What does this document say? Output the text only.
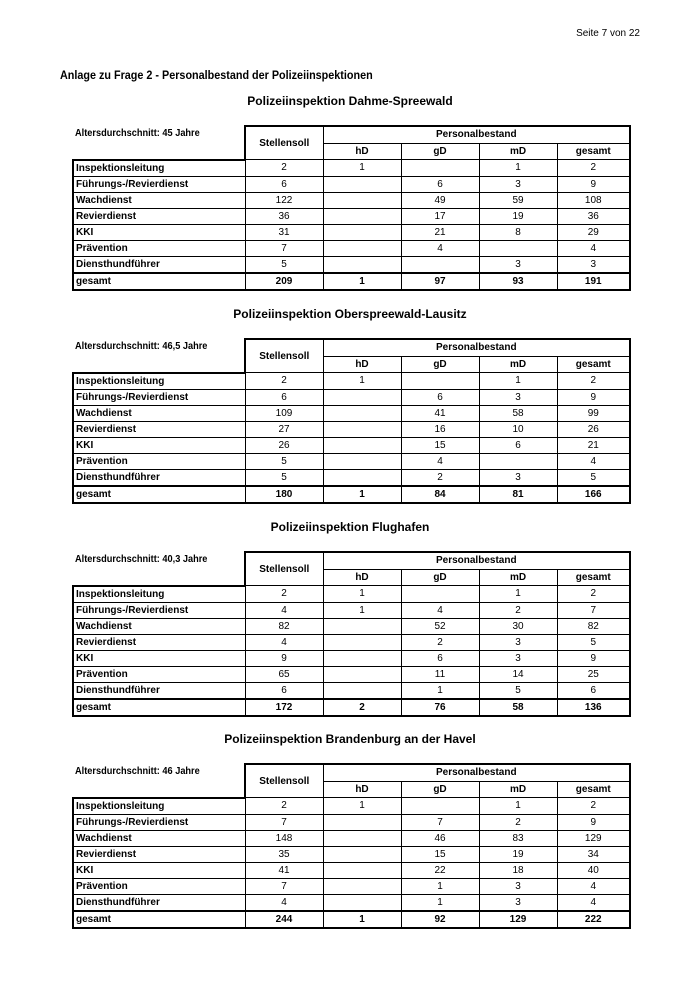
Seite 7 von 22
Anlage zu Frage 2 - Personalbestand der Polizeiinspektionen
Polizeiinspektion Dahme-Spreewald
Altersdurchschnitt: 45 Jahre
	Stellensoll	Personalbestand			
		hD	gD	mD	gesamt
Inspektionsleitung	2	1		1	2
Führungs-/Revierdienst	6		6	3	9
Wachdienst	122		49	59	108
Revierdienst	36		17	19	36
KKI	31		21	8	29
Prävention	7		4		4
Diensthundführer	5			3	3
gesamt	209	1	97	93	191
Polizeiinspektion Oberspreewald-Lausitz
Altersdurchschnitt: 46,5 Jahre
	Stellensoll	Personalbestand			
		hD	gD	mD	gesamt
Inspektionsleitung	2	1		1	2
Führungs-/Revierdienst	6		6	3	9
Wachdienst	109		41	58	99
Revierdienst	27		16	10	26
KKI	26		15	6	21
Prävention	5		4		4
Diensthundführer	5		2	3	5
gesamt	180	1	84	81	166
Polizeiinspektion Flughafen
Altersdurchschnitt: 40,3 Jahre
	Stellensoll	Personalbestand			
		hD	gD	mD	gesamt
Inspektionsleitung	2	1		1	2
Führungs-/Revierdienst	4	1	4	2	7
Wachdienst	82		52	30	82
Revierdienst	4		2	3	5
KKI	9		6	3	9
Prävention	65		11	14	25
Diensthundführer	6		1	5	6
gesamt	172	2	76	58	136
Polizeiinspektion Brandenburg an der Havel
Altersdurchschnitt: 46 Jahre
	Stellensoll	Personalbestand			
		hD	gD	mD	gesamt
Inspektionsleitung	2	1		1	2
Führungs-/Revierdienst	7		7	2	9
Wachdienst	148		46	83	129
Revierdienst	35		15	19	34
KKI	41		22	18	40
Prävention	7		1	3	4
Diensthundführer	4		1	3	4
gesamt	244	1	92	129	222
